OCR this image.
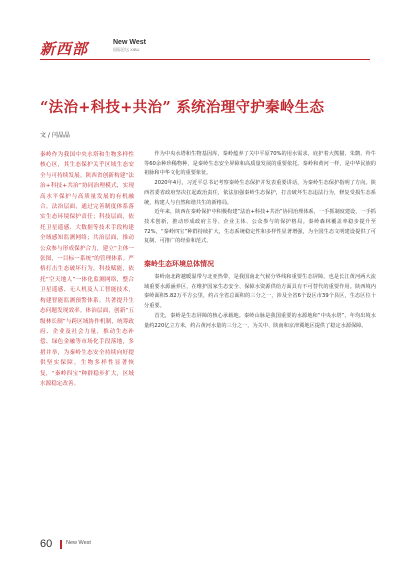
新西部	New West
国际论坛 XIBU
“法治+科技+共治” 系统治理守护秦岭生态
文 / 闫晶晶
秦岭作为我国中央水塔和生物多样性核心区，其生态保护关乎区域生态安全与可持续发展。陕西省创新构建“法治+科技+共治”协同治理模式，实现高水平保护与高质量发展的有机融合。法治层面，通过完善制度体系落实生态环境保护责任；科技层面，依托卫星遥感、大数据等技术手段构建全域感知监测网络；共治层面，推动公众参与形成保护合力，建立“主体一张图，一目标一系统”的管理体系。严格打击生态破坏行为，科技赋能，依托“空天地人”一体化监测网络，整合卫星遥感、无人机及人工智能技术，构建智能监测预警体系。共著提升生态问题发现效率。体治层面，创新“五级林长制”与跨区域协作机制，统筹政府、企业及社会力量，推动生态补偿、绿色金融等市场化手段落地，多措并举，为秦岭生态安全持续向好提供坚实保障，生物多样性显著恢复，“秦岭四宝”种群稳步扩大，区域水源稳定改善。

作为中央水塔和生物基因库，秦岭蕴养了关中平原70%的用水需求，庇护着大熊猫、朱鹮、羚牛等60余种珍稀物种，是秦岭生态安全屏障和高质量发展的重要依托。秦岭和黄河一样，是中华民族的祖脉和中华文化的重要象征。

2020年4月，习近平总书记考察秦岭生态保护并发表重要讲话，为秦岭生态保护指明了方向。陕西省委省政府坚决扛起政治责任，依法加强秦岭生态保护，打击破坏生态违法行为，修复受损生态系统，构建人与自然和谐共生的新格局。

近年来，陕西在秦岭保护中积极构建“法治+科技+共治”协同治理体系，一手抓制度建设，一手抓技术创新，推动形成政府主导、企业主体、公众参与的保护格局。秦岭森林覆盖率稳步提升至72%，“秦岭四宝”种群持续扩大，生态系统稳定性和多样性显著增强，为全国生态文明建设提供了可复制、可推广的经验和范式。

秦岭生态环境总体情况

秦岭南北跨越暖温带与北亚热带，是我国南北气候分界线和重要生态屏障，也是长江黄河两大流域重要水源涵养区，在维护国家生态安全、保障水资源供给方面具有不可替代的重要作用。陕西境内秦岭面积5.82万平方公里，约占全省总面积的三分之一，涉及全省6个设区市39个县区，生态区位十分重要。

首先，秦岭是生态屏障的核心承载地。秦岭山脉是我国重要的水源地和“中央水塔”，年均出境水量约220亿立方米，约占黄河水量的三分之一，为关中、陕南和京津冀地区提供了稳定水源保障。

60	New West
